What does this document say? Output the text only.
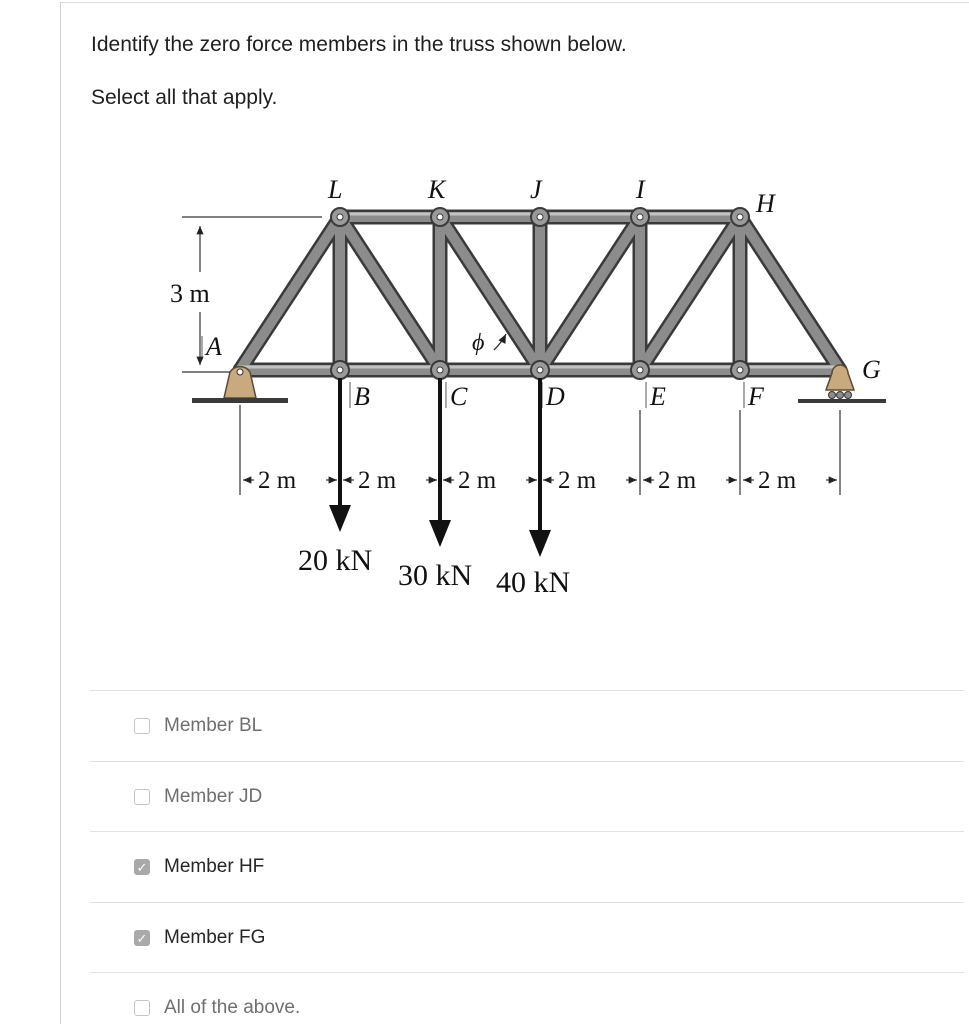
Identify the zero force members in the truss shown below.
Select all that apply.
L	K	J	I	H
A
B	C	D	E	F
G
ϕ
3 m
2 m 2 m 2 m 2 m 2 m 2 m
20 kN 30 kN 40 kN
Member BL
Member JD
✓ Member HF
✓ Member FG
All of the above.
